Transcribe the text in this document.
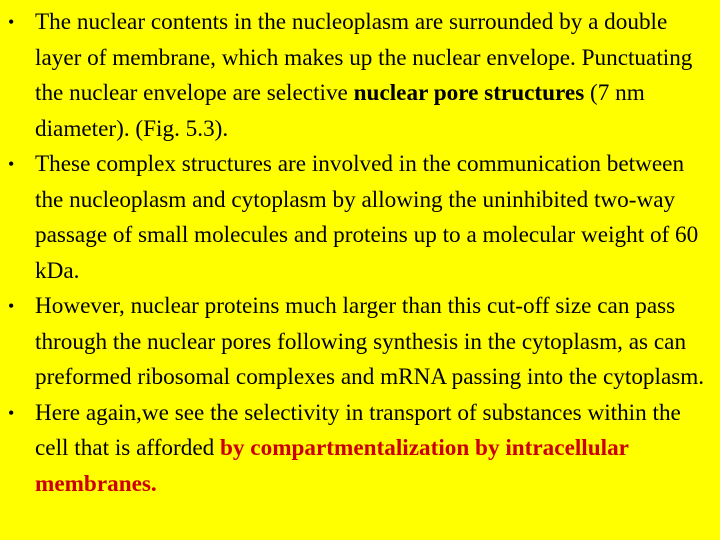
• The nuclear contents in the nucleoplasm are surrounded by a double layer of membrane, which makes up the nuclear envelope. Punctuating the nuclear envelope are selective nuclear pore structures (7 nm diameter). (Fig. 5.3).
• These complex structures are involved in the communication between the nucleoplasm and cytoplasm by allowing the uninhibited two-way passage of small molecules and proteins up to a molecular weight of 60 kDa.
• However, nuclear proteins much larger than this cut-off size can pass through the nuclear pores following synthesis in the cytoplasm, as can preformed ribosomal complexes and mRNA passing into the cytoplasm.
• Here again,we see the selectivity in transport of substances within the cell that is afforded by compartmentalization by intracellular membranes.
